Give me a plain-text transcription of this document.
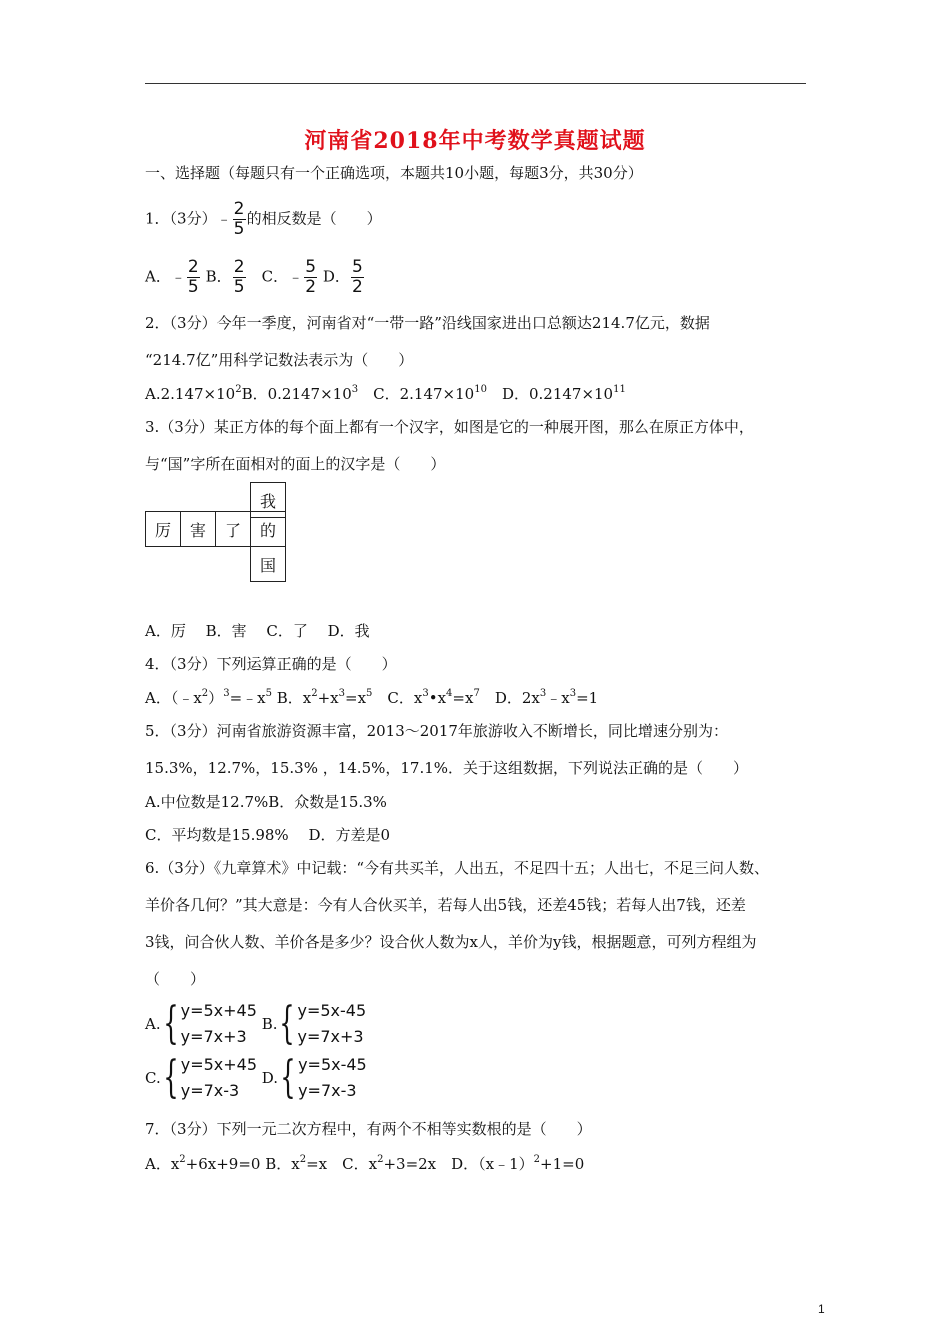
河南省2018年中考数学真题试题
一、选择题（每题只有一个正确选项，本题共10小题，每题3分，共30分）
1．（3分）﹣ $\frac{2}{5}$ 的相反数是（　　）
A．﹣ $\frac{2}{5}$ B． $\frac{2}{5}$ 　C．﹣ $\frac{5}{2}$ D． $\frac{5}{2}$
2．（3分）今年一季度，河南省对“一带一路”沿线国家进出口总额达214.7亿元，数据
“214.7亿”用科学记数法表示为（　　）
$A.2.147\times 10^2B$．$0.2147\times 10^3$　C．$2.147\times 10^{10}$　D．$0.2147\times 10^{11}$
3.（3分）某正方体的每个面上都有一个汉字，如图是它的一种展开图，那么在原正方体中，
与“国”字所在面相对的面上的汉字是（　　）
我
厉	害	了	的
国
A．厉　 B．害　 C．了　 D．我
4．（3分）下列运算正确的是（　　）
A．$(﹣x^2)^3=﹣x^5$ B．$x^2+x^3=x^5$　C．$x^3•x^4=x^7$　D．$2x^3﹣x^3=1$
5．（3分）河南省旅游资源丰富，2013～2017年旅游收入不断增长，同比增速分别为：
15.3%，12.7%，15.3% ，14.5%，17.1%．关于这组数据，下列说法正确的是（　　）
A.中位数是12.7%B．众数是15.3%
C．平均数是15.98%　 D．方差是0
6.（3分）《九章算术》中记载：“今有共买羊，人出五，不足四十五；人出七，不足三问人数、
羊价各几何？”其大意是：今有人合伙买羊，若每人出5钱，还差45钱；若每人出7钱，还差
3钱，问合伙人数、羊价各是多少？设合伙人数为x人，羊价为y钱，根据题意，可列方程组为
（　　）
A. { y=5x+45
y=7x+3

B. { y=5x-45
y=7x+3
C. { y=5x+45
y=7x-3

D. { y=5x-45
y=7x-3
7．（3分）下列一元二次方程中，有两个不相等实数根的是（　　）
A．$x^2+6x+9=0$ B．$x^2=x$　C．$x^2+3=2x$　D．（x﹣1）$^2$+1=0
1
